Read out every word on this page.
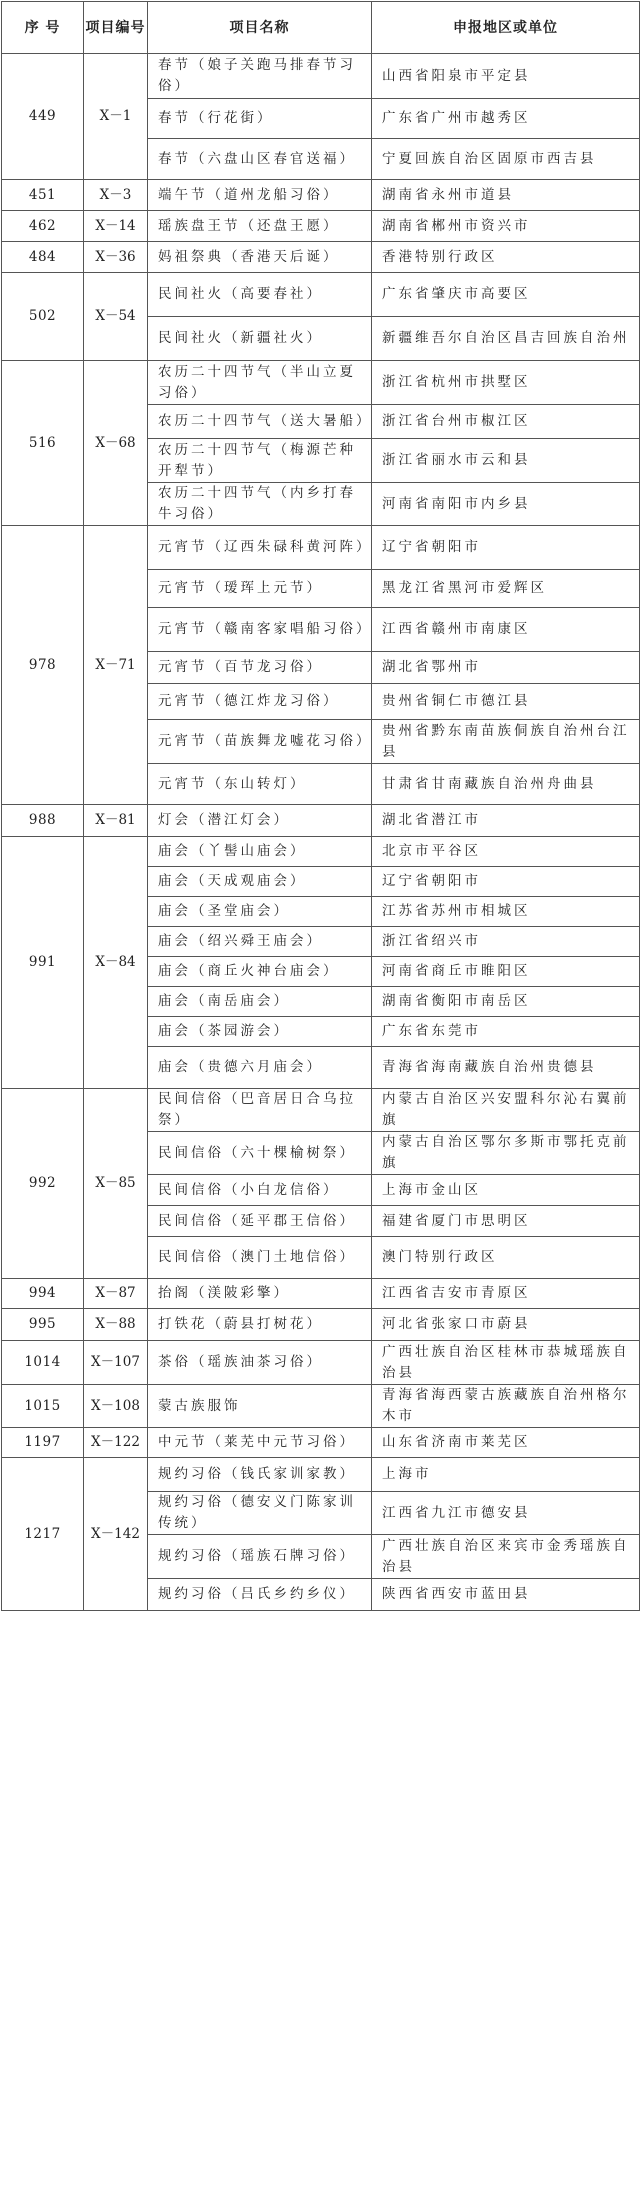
序 号	项目编号	项目名称	申报地区或单位
449	Ⅹ－1	春节（娘子关跑马排春节习俗）	山西省阳泉市平定县
		春节（行花街）	广东省广州市越秀区
		春节（六盘山区春官送福）	宁夏回族自治区固原市西吉县
451	Ⅹ－3	端午节（道州龙船习俗）	湖南省永州市道县
462	Ⅹ－14	瑶族盘王节（还盘王愿）	湖南省郴州市资兴市
484	Ⅹ－36	妈祖祭典（香港天后诞）	香港特别行政区
502	Ⅹ－54	民间社火（高要春社）	广东省肇庆市高要区
		民间社火（新疆社火）	新疆维吾尔自治区昌吉回族自治州
516	Ⅹ－68	农历二十四节气（半山立夏习俗）	浙江省杭州市拱墅区
		农历二十四节气（送大暑船）	浙江省台州市椒江区
		农历二十四节气（梅源芒种开犁节）	浙江省丽水市云和县
		农历二十四节气（内乡打春牛习俗）	河南省南阳市内乡县
978	Ⅹ－71	元宵节（辽西朱碌科黄河阵）	辽宁省朝阳市
		元宵节（瑷珲上元节）	黑龙江省黑河市爱辉区
		元宵节（赣南客家唱船习俗）	江西省赣州市南康区
		元宵节（百节龙习俗）	湖北省鄂州市
		元宵节（德江炸龙习俗）	贵州省铜仁市德江县
		元宵节（苗族舞龙嘘花习俗）	贵州省黔东南苗族侗族自治州台江县
		元宵节（东山转灯）	甘肃省甘南藏族自治州舟曲县
988	Ⅹ－81	灯会（潜江灯会）	湖北省潜江市
991	Ⅹ－84	庙会（丫髻山庙会）	北京市平谷区
		庙会（天成观庙会）	辽宁省朝阳市
		庙会（圣堂庙会）	江苏省苏州市相城区
		庙会（绍兴舜王庙会）	浙江省绍兴市
		庙会（商丘火神台庙会）	河南省商丘市睢阳区
		庙会（南岳庙会）	湖南省衡阳市南岳区
		庙会（茶园游会）	广东省东莞市
		庙会（贵德六月庙会）	青海省海南藏族自治州贵德县
992	Ⅹ－85	民间信俗（巴音居日合乌拉祭）	内蒙古自治区兴安盟科尔沁右翼前旗
		民间信俗（六十棵榆树祭）	内蒙古自治区鄂尔多斯市鄂托克前旗
		民间信俗（小白龙信俗）	上海市金山区
		民间信俗（延平郡王信俗）	福建省厦门市思明区
		民间信俗（澳门土地信俗）	澳门特别行政区
994	Ⅹ－87	抬阁（渼陂彩擎）	江西省吉安市青原区
995	Ⅹ－88	打铁花（蔚县打树花）	河北省张家口市蔚县
1014	Ⅹ－107	茶俗（瑶族油茶习俗）	广西壮族自治区桂林市恭城瑶族自治县
1015	Ⅹ－108	蒙古族服饰	青海省海西蒙古族藏族自治州格尔木市
1197	Ⅹ－122	中元节（莱芜中元节习俗）	山东省济南市莱芜区
1217	Ⅹ－142	规约习俗（钱氏家训家教）	上海市
		规约习俗（德安义门陈家训传统）	江西省九江市德安县
		规约习俗（瑶族石牌习俗）	广西壮族自治区来宾市金秀瑶族自治县
		规约习俗（吕氏乡约乡仪）	陕西省西安市蓝田县
